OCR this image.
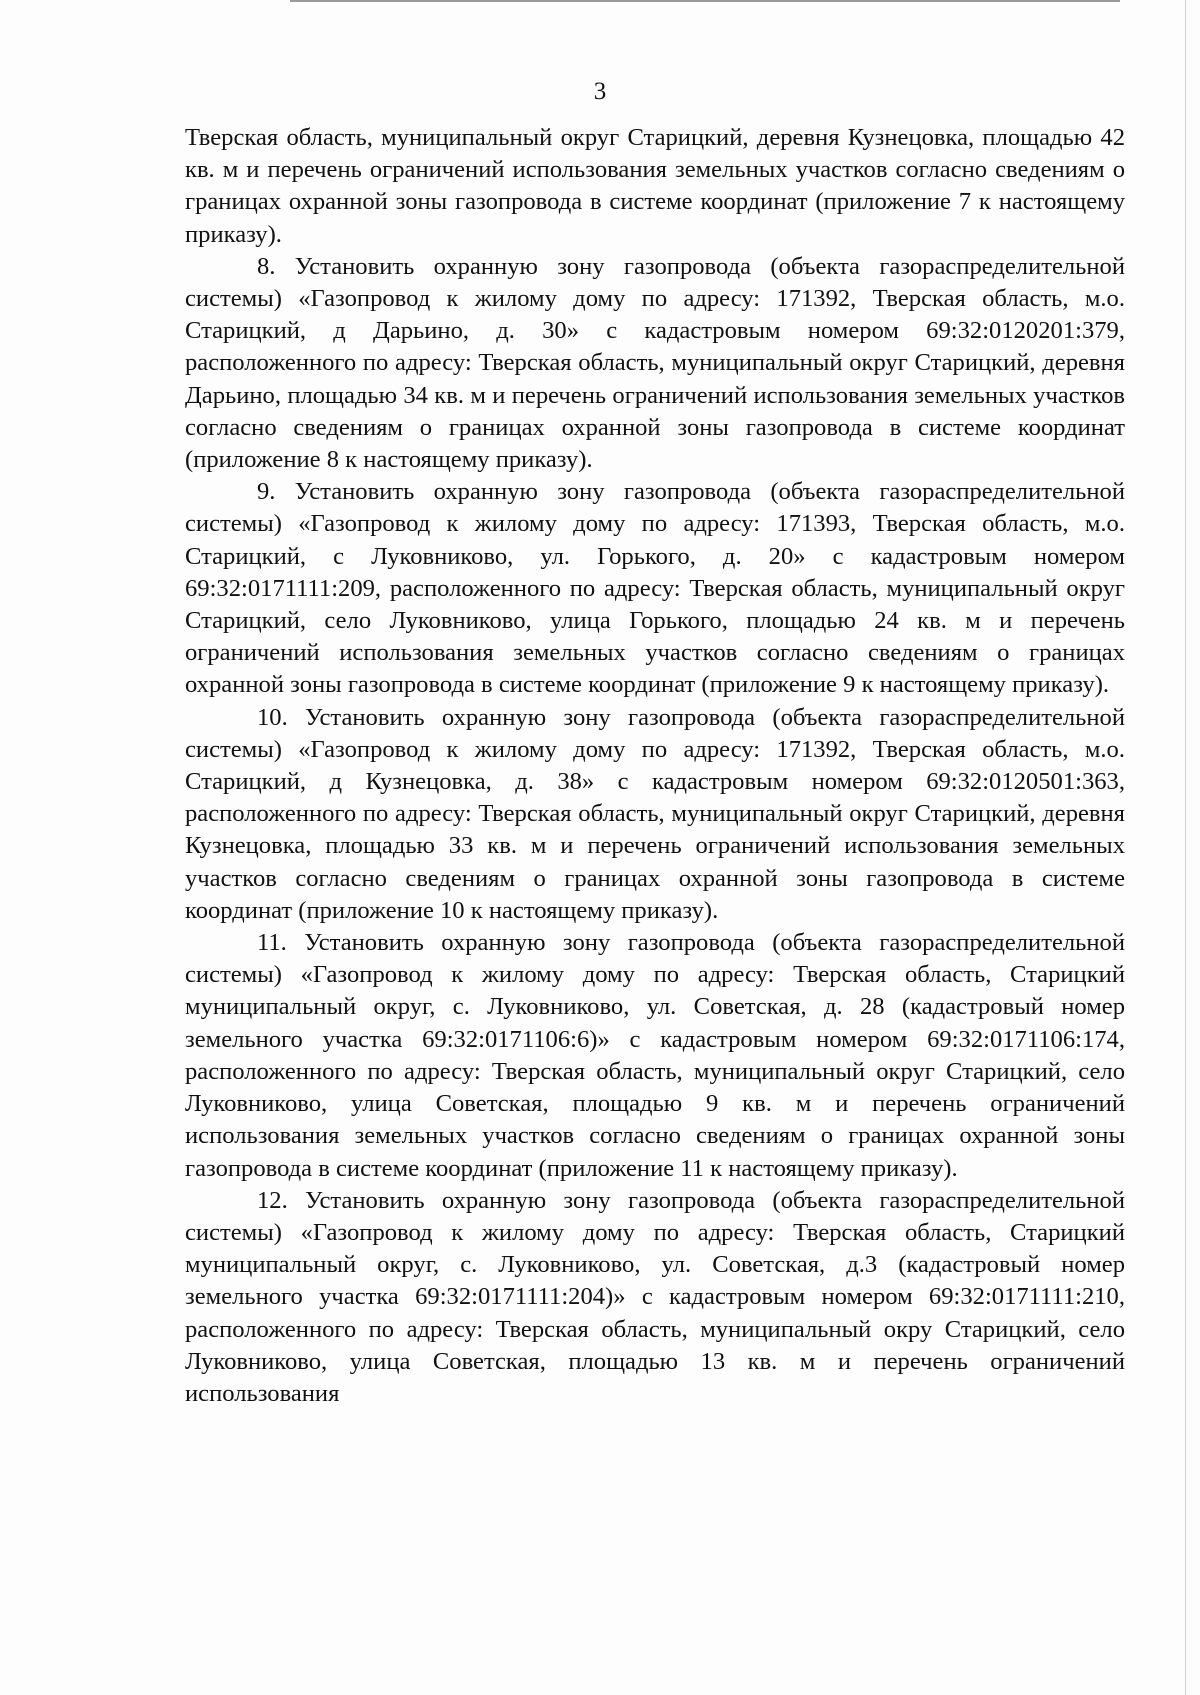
3

Тверская область, муниципальный округ Старицкий, деревня Кузнецовка, площадью 42 кв. м и перечень ограничений использования земельных участков согласно сведениям о границах охранной зоны газопровода в системе координат (приложение 7 к настоящему приказу).

8. Установить охранную зону газопровода (объекта газораспределительной системы) «Газопровод к жилому дому по адресу: 171392, Тверская область, м.о. Старицкий, д Дарьино, д. 30» с кадастровым номером 69:32:0120201:379, расположенного по адресу: Тверская область, муниципальный округ Старицкий, деревня Дарьино, площадью 34 кв. м и перечень ограничений использования земельных участков согласно сведениям о границах охранной зоны газопровода в системе координат (приложение 8 к настоящему приказу).

9. Установить охранную зону газопровода (объекта газораспределительной системы) «Газопровод к жилому дому по адресу: 171393, Тверская область, м.о. Старицкий, с Луковниково, ул. Горького, д. 20» с кадастровым номером 69:32:0171111:209, расположенного по адресу: Тверская область, муниципальный округ Старицкий, село Луковниково, улица Горького, площадью 24 кв. м и перечень ограничений использования земельных участков согласно сведениям о границах охранной зоны газопровода в системе координат (приложение 9 к настоящему приказу).

10. Установить охранную зону газопровода (объекта газораспределительной системы) «Газопровод к жилому дому по адресу: 171392, Тверская область, м.о. Старицкий, д Кузнецовка, д. 38» с кадастровым номером 69:32:0120501:363, расположенного по адресу: Тверская область, муниципальный округ Старицкий, деревня Кузнецовка, площадью 33 кв. м и перечень ограничений использования земельных участков согласно сведениям о границах охранной зоны газопровода в системе координат (приложение 10 к настоящему приказу).

11. Установить охранную зону газопровода (объекта газораспределительной системы) «Газопровод к жилому дому по адресу: Тверская область, Старицкий муниципальный округ, с. Луковниково, ул. Советская, д. 28 (кадастровый номер земельного участка 69:32:0171106:6)» с кадастровым номером 69:32:0171106:174, расположенного по адресу: Тверская область, муниципальный округ Старицкий, село Луковниково, улица Советская, площадью 9 кв. м и перечень ограничений использования земельных участков согласно сведениям о границах охранной зоны газопровода в системе координат (приложение 11 к настоящему приказу).

12. Установить охранную зону газопровода (объекта газораспределительной системы) «Газопровод к жилому дому по адресу: Тверская область, Старицкий муниципальный округ, с. Луковниково, ул. Советская, д.3 (кадастровый номер земельного участка 69:32:0171111:204)» с кадастровым номером 69:32:0171111:210, расположенного по адресу: Тверская область, муниципальный окру Старицкий, село Луковниково, улица Советская, площадью 13 кв. м и перечень ограничений использования
